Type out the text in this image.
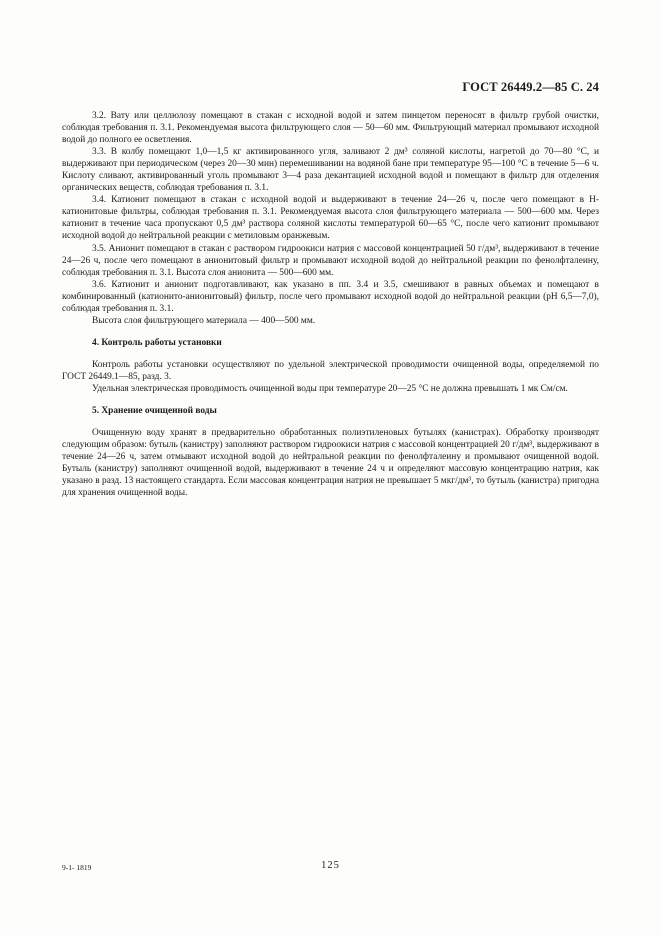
ГОСТ 26449.2—85 С. 24

3.2. Вату или целлюлозу помещают в стакан с исходной водой и затем пинцетом переносят в фильтр грубой очистки, соблюдая требования п. 3.1. Рекомендуемая высота фильтрующего слоя — 50—60 мм. Фильтрующий материал промывают исходной водой до полного ее осветления.

3.3. В колбу помещают 1,0—1,5 кг активированного угля, заливают 2 дм³ соляной кислоты, нагретой до 70—80 °С, и выдерживают при периодическом (через 20—30 мин) перемешивании на водяной бане при температуре 95—100 °С в течение 5—6 ч. Кислоту сливают, активированный уголь промывают 3—4 раза декантацией исходной водой и помещают в фильтр для отделения органических веществ, соблюдая требования п. 3.1.

3.4. Катионит помещают в стакан с исходной водой и выдерживают в течение 24—26 ч, после чего помещают в Н-катионитовые фильтры, соблюдая требования п. 3.1. Рекомендуемая высота слоя фильтрующего материала — 500—600 мм. Через катионит в течение часа пропускают 0,5 дм³ раствора соляной кислоты температурой 60—65 °С, после чего катионит промывают исходной водой до нейтральной реакции с метиловым оранжевым.

3.5. Анионит помещают в стакан с раствором гидроокиси натрия с массовой концентрацией 50 г/дм³, выдерживают в течение 24—26 ч, после чего помещают в анионитовый фильтр и промывают исходной водой до нейтральной реакции по фенолфталеину, соблюдая требования п. 3.1. Высота слоя анионита — 500—600 мм.

3.6. Катионит и анионит подготавливают, как указано в пп. 3.4 и 3.5, смешивают в равных объемах и помещают в комбинированный (катионито-анионитовый) фильтр, после чего промывают исходной водой до нейтральной реакции (рН 6,5—7,0), соблюдая требования п. 3.1.

Высота слоя фильтрующего материала — 400—500 мм.

4. Контроль работы установки

Контроль работы установки осуществляют по удельной электрической проводимости очищенной воды, определяемой по ГОСТ 26449.1—85, разд. 3.

Удельная электрическая проводимость очищенной воды при температуре 20—25 °С не должна превышать 1 мк См/см.

5. Хранение очищенной воды

Очищенную воду хранят в предварительно обработанных полиэтиленовых бутылях (канистрах). Обработку производят следующим образом: бутыль (канистру) заполняют раствором гидроокиси натрия с массовой концентрацией 20 г/дм³, выдерживают в течение 24—26 ч, затем отмывают исходной водой до нейтральной реакции по фенолфталеину и промывают очищенной водой. Бутыль (канистру) заполняют очищенной водой, выдерживают в течение 24 ч и определяют массовую концентрацию натрия, как указано в разд. 13 настоящего стандарта. Если массовая концентрация натрия не превышает 5 мкг/дм³, то бутыль (канистра) пригодна для хранения очищенной воды.

9-1- 1819	125
